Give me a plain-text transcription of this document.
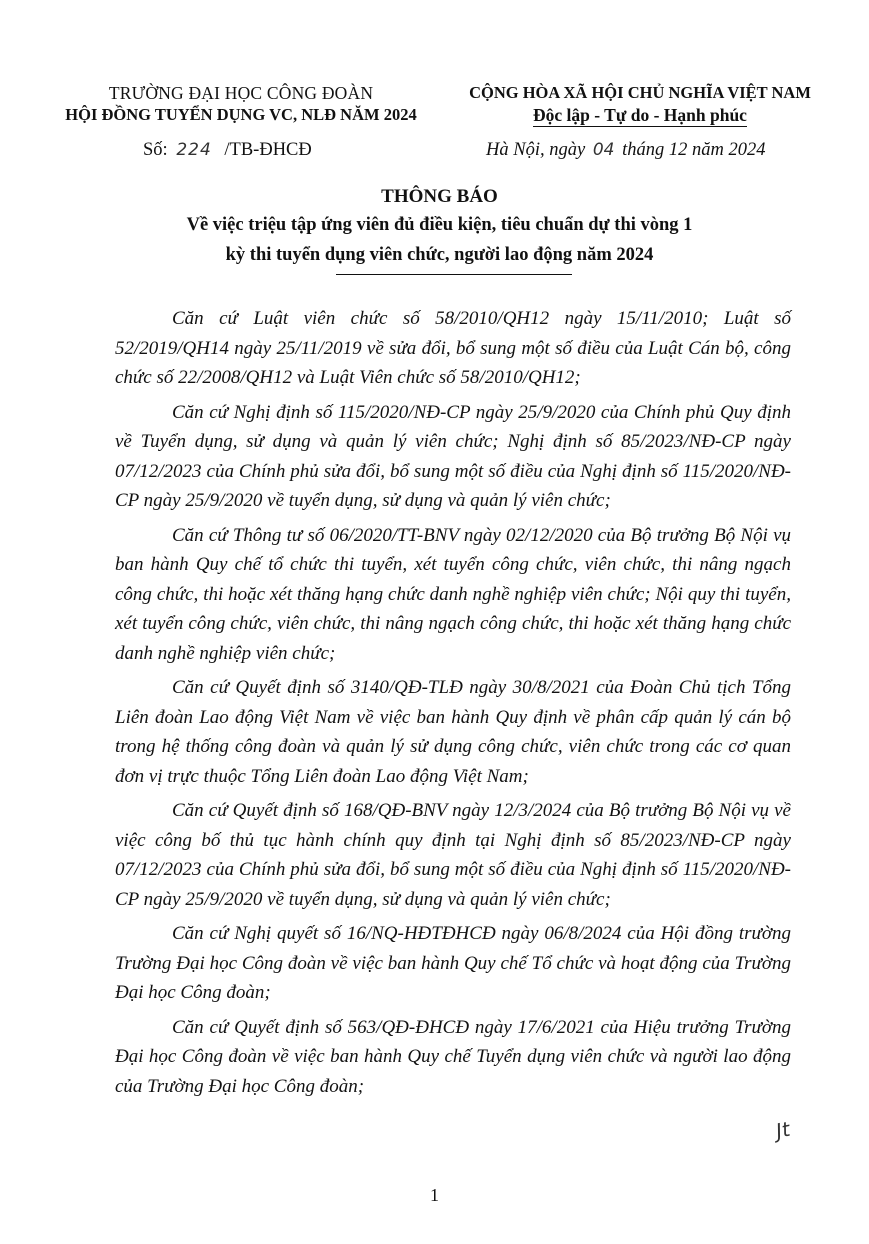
TRƯỜNG ĐẠI HỌC CÔNG ĐOÀN
HỘI ĐỒNG TUYỂN DỤNG VC, NLĐ NĂM 2024
CỘNG HÒA XÃ HỘI CHỦ NGHĨA VIỆT NAM
Độc lập - Tự do - Hạnh phúc
Số: 224 /TB-ĐHCĐ	Hà Nội, ngày 04 tháng 12 năm 2024
THÔNG BÁO
Về việc triệu tập ứng viên đủ điều kiện, tiêu chuẩn dự thi vòng 1
kỳ thi tuyển dụng viên chức, người lao động năm 2024

Căn cứ Luật viên chức số 58/2010/QH12 ngày 15/11/2010; Luật số 52/2019/QH14 ngày 25/11/2019 về sửa đổi, bổ sung một số điều của Luật Cán bộ, công chức số 22/2008/QH12 và Luật Viên chức số 58/2010/QH12;

Căn cứ Nghị định số 115/2020/NĐ-CP ngày 25/9/2020 của Chính phủ Quy định về Tuyển dụng, sử dụng và quản lý viên chức; Nghị định số 85/2023/NĐ-CP ngày 07/12/2023 của Chính phủ sửa đổi, bổ sung một số điều của Nghị định số 115/2020/NĐ-CP ngày 25/9/2020 về tuyển dụng, sử dụng và quản lý viên chức;

Căn cứ Thông tư số 06/2020/TT-BNV ngày 02/12/2020 của Bộ trưởng Bộ Nội vụ ban hành Quy chế tổ chức thi tuyển, xét tuyển công chức, viên chức, thi nâng ngạch công chức, thi hoặc xét thăng hạng chức danh nghề nghiệp viên chức; Nội quy thi tuyển, xét tuyển công chức, viên chức, thi nâng ngạch công chức, thi hoặc xét thăng hạng chức danh nghề nghiệp viên chức;

Căn cứ Quyết định số 3140/QĐ-TLĐ ngày 30/8/2021 của Đoàn Chủ tịch Tổng Liên đoàn Lao động Việt Nam về việc ban hành Quy định về phân cấp quản lý cán bộ trong hệ thống công đoàn và quản lý sử dụng công chức, viên chức trong các cơ quan đơn vị trực thuộc Tổng Liên đoàn Lao động Việt Nam;

Căn cứ Quyết định số 168/QĐ-BNV ngày 12/3/2024 của Bộ trưởng Bộ Nội vụ về việc công bố thủ tục hành chính quy định tại Nghị định số 85/2023/NĐ-CP ngày 07/12/2023 của Chính phủ sửa đổi, bổ sung một số điều của Nghị định số 115/2020/NĐ-CP ngày 25/9/2020 về tuyển dụng, sử dụng và quản lý viên chức;

Căn cứ Nghị quyết số 16/NQ-HĐTĐHCĐ ngày 06/8/2024 của Hội đồng trường Trường Đại học Công đoàn về việc ban hành Quy chế Tổ chức và hoạt động của Trường Đại học Công đoàn;

Căn cứ Quyết định số 563/QĐ-ĐHCĐ ngày 17/6/2021 của Hiệu trưởng Trường Đại học Công đoàn về việc ban hành Quy chế Tuyển dụng viên chức và người lao động của Trường Đại học Công đoàn;

Jt
1
